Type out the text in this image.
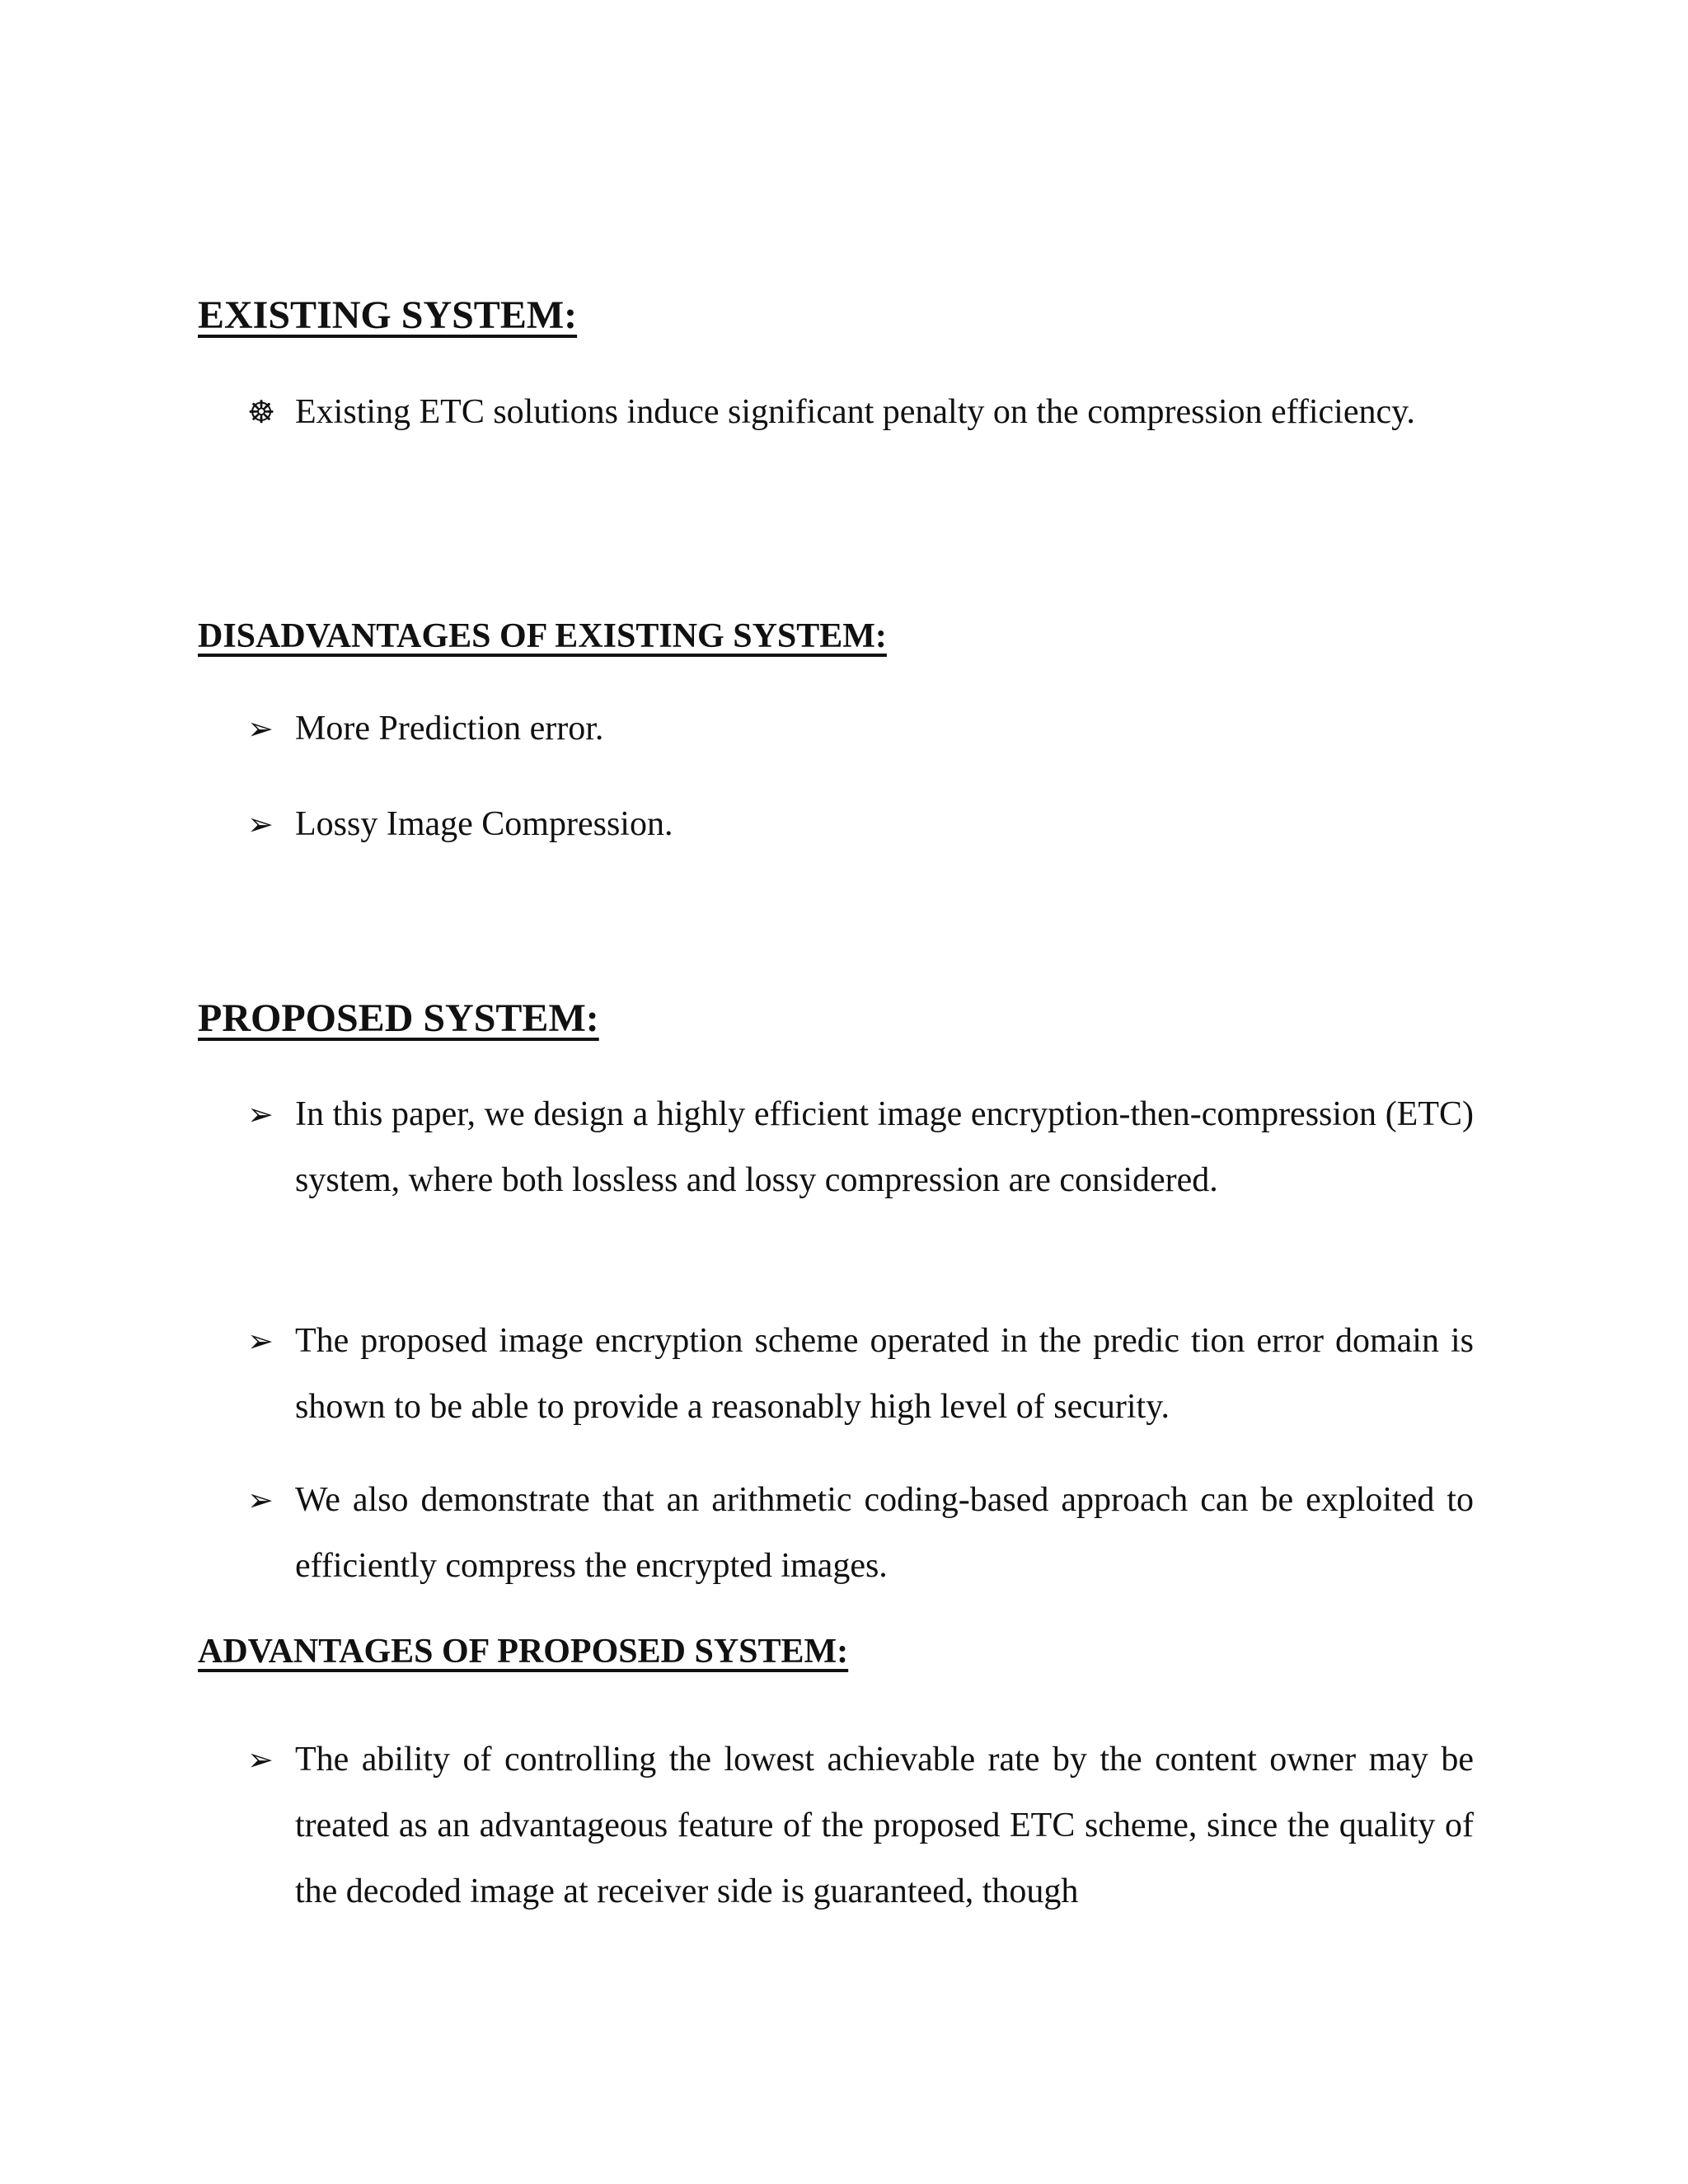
EXISTING SYSTEM:
☸ Existing ETC solutions induce significant penalty on the compression efficiency.
DISADVANTAGES OF EXISTING SYSTEM:
➢ More Prediction error.
➢ Lossy Image Compression.
PROPOSED SYSTEM:
➢ In this paper, we design a highly efficient image encryption-then-compression (ETC) system, where both lossless and lossy compression are considered.
➢ The proposed image encryption scheme operated in the predic tion error domain is shown to be able to provide a reasonably high level of security.
➢ We also demonstrate that an arithmetic coding-based approach can be exploited to efficiently compress the encrypted images.
ADVANTAGES OF PROPOSED SYSTEM:
➢ The ability of controlling the lowest achievable rate by the content owner may be treated as an advantageous feature of the proposed ETC scheme, since the quality of the decoded image at receiver side is guaranteed, though
